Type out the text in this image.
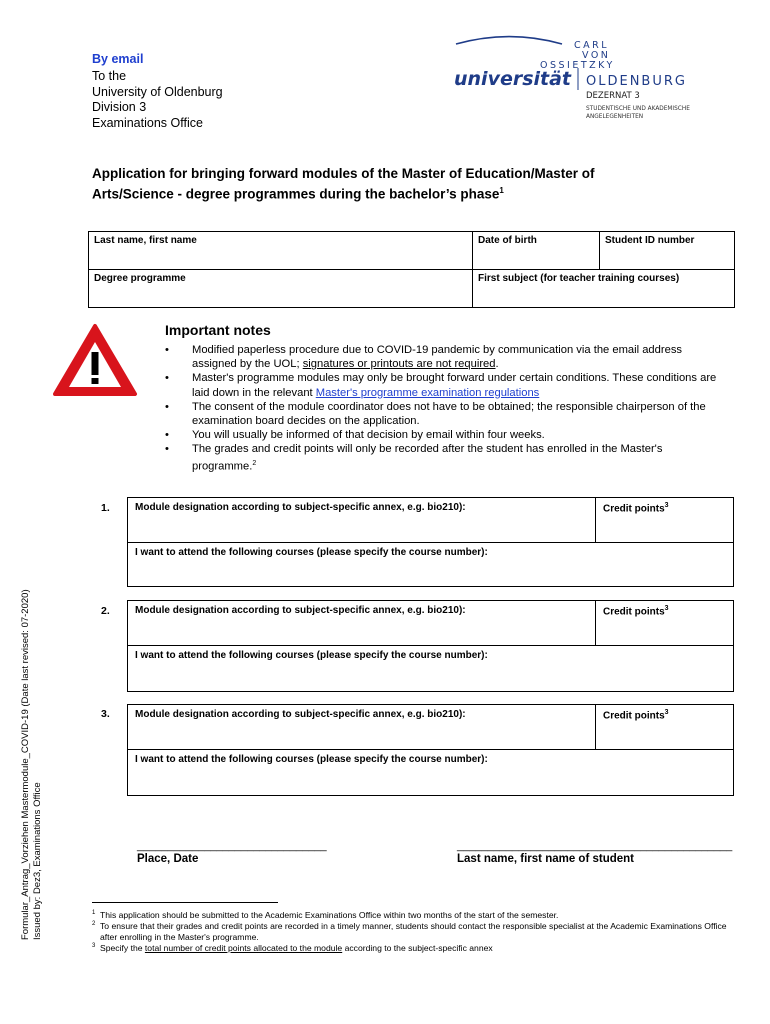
By email
To the
University of Oldenburg
Division 3
Examinations Office
CARL
VON
OSSIETZKY
universität OLDENBURG
DEZERNAT 3
STUDENTISCHE UND AKADEMISCHE
ANGELEGENHEITEN
Application for bringing forward modules of the Master of Education/Master of
Arts/Science - degree programmes during the bachelor’s phase$^1$
Last name, first name	Date of birth	Student ID number
Degree programme	First subject (for teacher training courses)	
Important notes
• Modified paperless procedure due to COVID-19 pandemic by communication via the email address assigned by the UOL; signatures or printouts are not required.
• Master's programme modules may only be brought forward under certain conditions. These conditions are laid down in the relevant Master's programme examination regulations
• The consent of the module coordinator does not have to be obtained; the responsible chairperson of the examination board decides on the application.
• You will usually be informed of that decision by email within four weeks.
• The grades and credit points will only be recorded after the student has enrolled in the Master's programme.$^2$
1.	Module designation according to subject-specific annex, e.g. bio210):	Credit points$^3$
I want to attend the following courses (please specify the course number):
2.	Module designation according to subject-specific annex, e.g. bio210):	Credit points$^3$
I want to attend the following courses (please specify the course number):
3.	Module designation according to subject-specific annex, e.g. bio210):	Credit points$^3$
I want to attend the following courses (please specify the course number):
_______________________________
Place, Date
_____________________________________________
Last name, first name of student
Formular_Antrag_Vorziehen Mastermodule_COVID-19 (Date last revised: 07-2020) Issued by: Dez3, Examinations Office	1 This application should be submitted to the Academic Examinations Office within two months of the start of the semester.
2 To ensure that their grades and credit points are recorded in a timely manner, students should contact the responsible specialist at the Academic Examinations Office after enrolling in the Master's programme.
3 Specify the total number of credit points allocated to the module according to the subject-specific annex
